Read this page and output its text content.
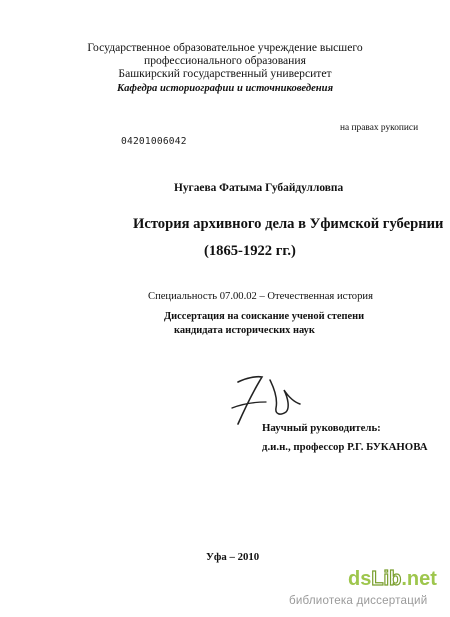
Государственное образовательное учреждение высшего
профессионального образования
Башкирский государственный университет
Кафедра историографии и источниковедения
на правах рукописи
04201006042
Нугаева Фатыма Губайдулловпа
История архивного дела в Уфимской губернии
(1865-1922 гг.)
Специальность 07.00.02 – Отечественная история
Диссертация на соискание ученой степени
кандидата исторических наук
Научный руководитель:
д.и.н., профессор Р.Г. БУКАНОВА
Уфа – 2010
dsLib.net
библиотека диссертаций
